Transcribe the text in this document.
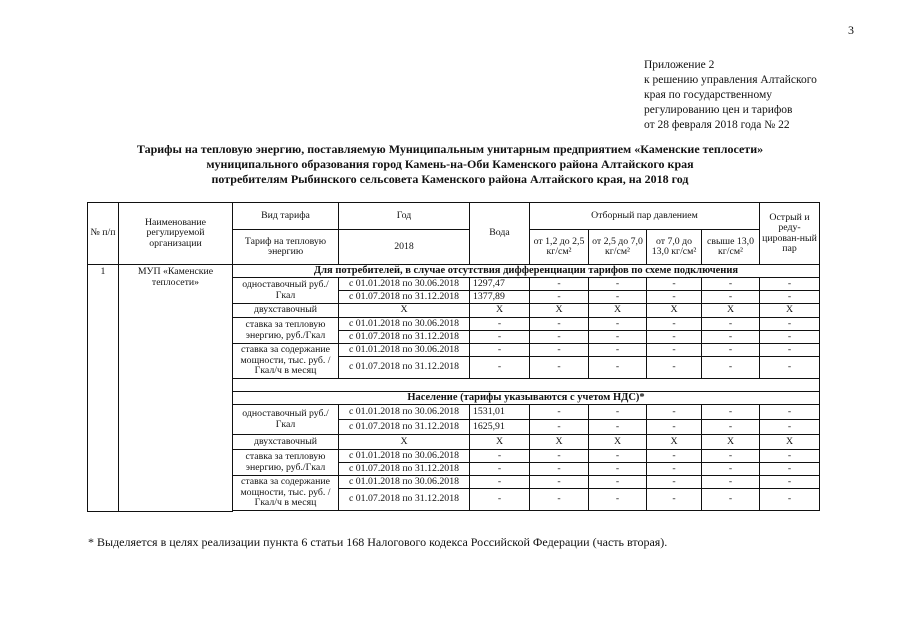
3
Приложение 2
к решению управления Алтайского
края по государственному
регулированию цен и тарифов
от 28 февраля 2018 года № 22
Тарифы на тепловую энергию, поставляемую Муниципальным унитарным предприятием «Каменские теплосети»
муниципального образования город Камень-на-Оби Каменского района Алтайского края
потребителям Рыбинского сельсовета Каменского района Алтайского края, на 2018 год
№ п/п	Наименование регулируемой организации	Вид тарифа	Год	Вода	Отборный пар давлением				Острый и реду-цирован-ный пар
		Тариф на тепловую энергию	2018		от 1,2 до 2,5 кг/см²	от 2,5 до 7,0 кг/см²	от 7,0 до 13,0 кг/см²	свыше 13,0 кг/см²	
1	МУП «Каменские теплосети»	Для потребителей, в случае отсутствия дифференциации тарифов по схеме подключения							
		одноставочный руб./Гкал	с 01.01.2018 по 30.06.2018	1297,47	-	-	-	-	-
			с 01.07.2018 по 31.12.2018	1377,89	-	-	-	-	-
		двухставочный	X	X	X	X	X	X	X
		ставка за тепловую энергию, руб./Гкал	с 01.01.2018 по 30.06.2018	-	-	-	-	-	-
			с 01.07.2018 по 31.12.2018	-	-	-	-	-	-
		ставка за содержание мощности, тыс. руб. /Гкал/ч в месяц	с 01.01.2018 по 30.06.2018	-	-	-	-	-	-
			с 01.07.2018 по 31.12.2018	-	-	-	-	-	-

		Население (тарифы указываются с учетом НДС)*							
		одноставочный руб./Гкал	с 01.01.2018 по 30.06.2018	1531,01	-	-	-	-	-
			с 01.07.2018 по 31.12.2018	1625,91	-	-	-	-	-
		двухставочный	X	X	X	X	X	X	X
		ставка за тепловую энергию, руб./Гкал	с 01.01.2018 по 30.06.2018	-	-	-	-	-	-
			с 01.07.2018 по 31.12.2018	-	-	-	-	-	-
		ставка за содержание мощности, тыс. руб. /Гкал/ч в месяц	с 01.01.2018 по 30.06.2018	-	-	-	-	-	-
			с 01.07.2018 по 31.12.2018	-	-	-	-	-	-

* Выделяется в целях реализации пункта 6 статьи 168 Налогового кодекса Российской Федерации (часть вторая).
